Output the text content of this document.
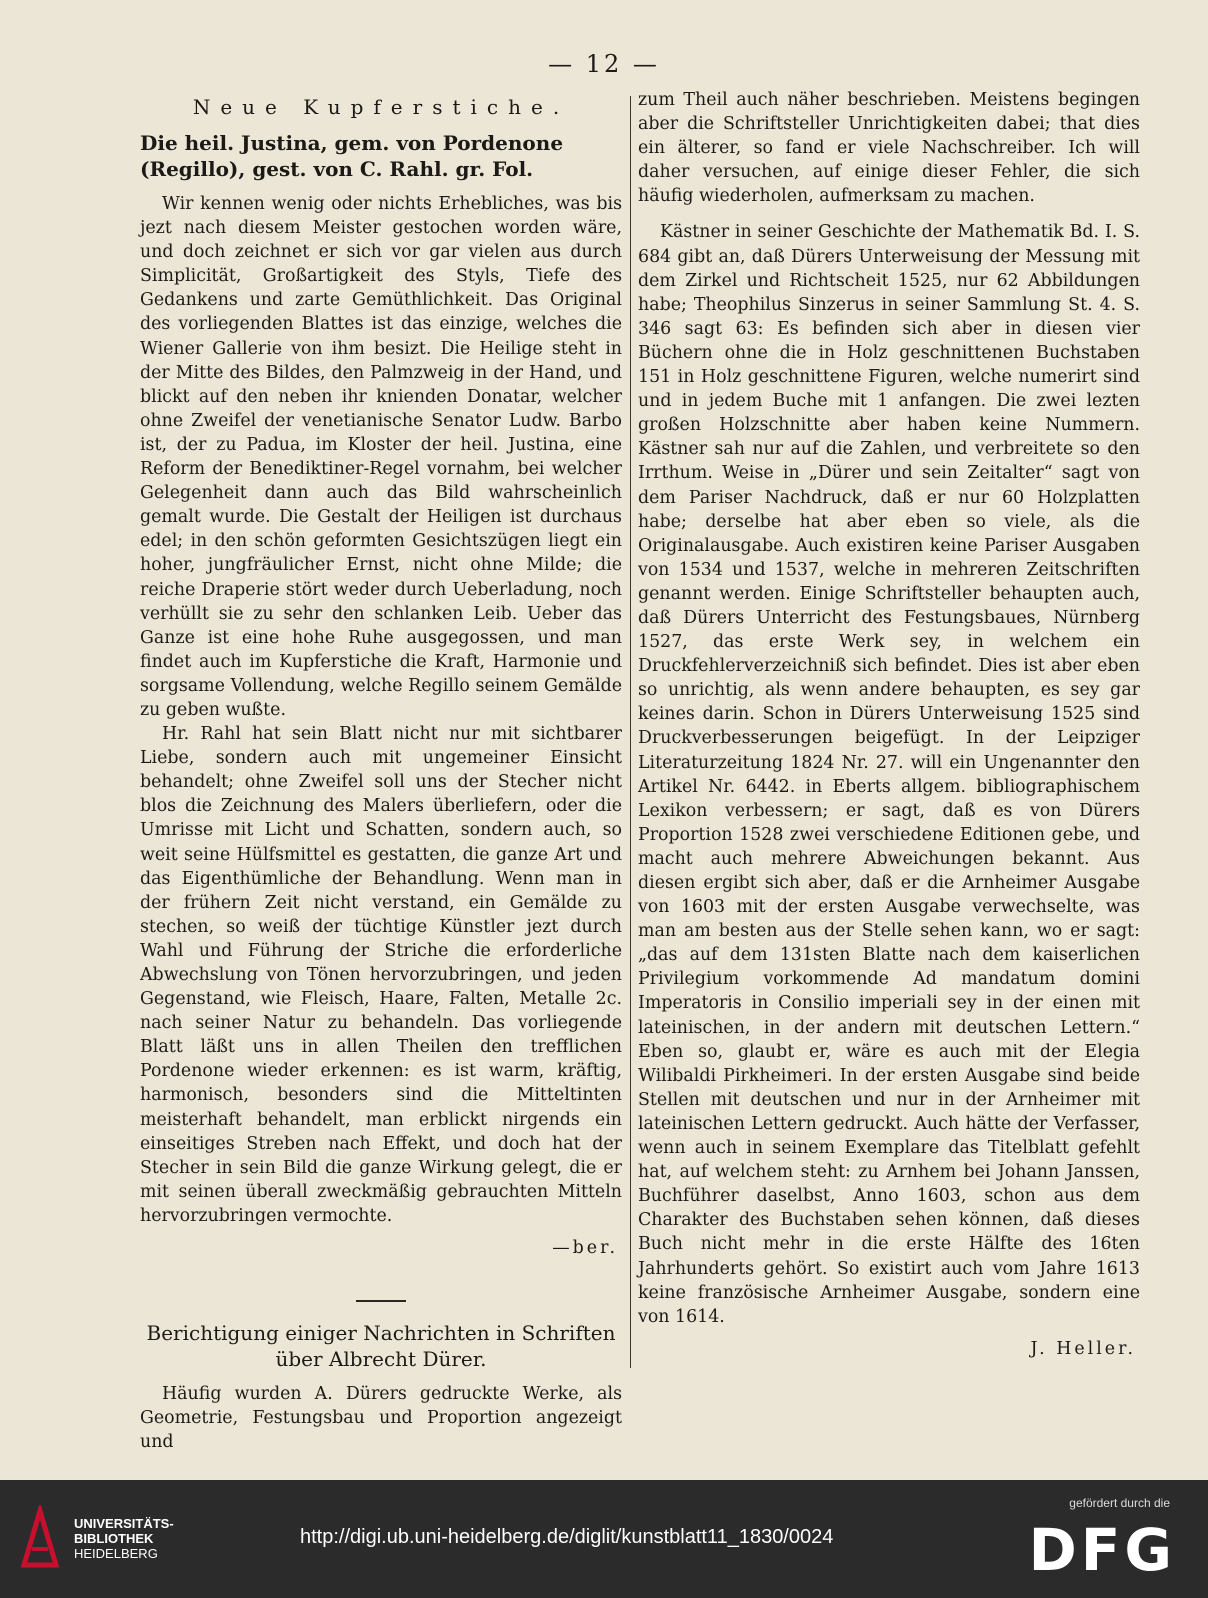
— 12 —
Neue Kupferstiche.
Die heil. Justina, gem. von Pordenone (Regillo), gest. von C. Rahl. gr. Fol.

Wir kennen wenig oder nichts Erhebliches, was bis jezt nach diesem Meister gestochen worden wäre, und doch zeichnet er sich vor gar vielen aus durch Simplicität, Großartigkeit des Styls, Tiefe des Gedankens und zarte Gemüthlichkeit. Das Original des vorliegenden Blattes ist das einzige, welches die Wiener Gallerie von ihm besizt. Die Heilige steht in der Mitte des Bildes, den Palmzweig in der Hand, und blickt auf den neben ihr knienden Donatar, welcher ohne Zweifel der venetianische Senator Ludw. Barbo ist, der zu Padua, im Kloster der heil. Justina, eine Reform der Benediktiner-Regel vornahm, bei welcher Gelegenheit dann auch das Bild wahrscheinlich gemalt wurde. Die Gestalt der Heiligen ist durchaus edel; in den schön geformten Gesichtszügen liegt ein hoher, jungfräulicher Ernst, nicht ohne Milde; die reiche Draperie stört weder durch Ueberladung, noch verhüllt sie zu sehr den schlanken Leib. Ueber das Ganze ist eine hohe Ruhe ausgegossen, und man findet auch im Kupferstiche die Kraft, Harmonie und sorgsame Vollendung, welche Regillo seinem Gemälde zu geben wußte.

Hr. Rahl hat sein Blatt nicht nur mit sichtbarer Liebe, sondern auch mit ungemeiner Einsicht behandelt; ohne Zweifel soll uns der Stecher nicht blos die Zeichnung des Malers überliefern, oder die Umrisse mit Licht und Schatten, sondern auch, so weit seine Hülfsmittel es gestatten, die ganze Art und das Eigenthümliche der Behandlung. Wenn man in der frühern Zeit nicht verstand, ein Gemälde zu stechen, so weiß der tüchtige Künstler jezt durch Wahl und Führung der Striche die erforderliche Abwechslung von Tönen hervorzubringen, und jeden Gegenstand, wie Fleisch, Haare, Falten, Metalle 2c. nach seiner Natur zu behandeln. Das vorliegende Blatt läßt uns in allen Theilen den trefflichen Pordenone wieder erkennen: es ist warm, kräftig, harmonisch, besonders sind die Mitteltinten meisterhaft behandelt, man erblickt nirgends ein einseitiges Streben nach Effekt, und doch hat der Stecher in sein Bild die ganze Wirkung gelegt, die er mit seinen überall zweckmäßig gebrauchten Mitteln hervorzubringen vermochte.

—ber.
Berichtigung einiger Nachrichten in Schriften über Albrecht Dürer.

Häufig wurden A. Dürers gedruckte Werke, als Geometrie, Festungsbau und Proportion angezeigt und

zum Theil auch näher beschrieben. Meistens begingen aber die Schriftsteller Unrichtigkeiten dabei; that dies ein älterer, so fand er viele Nachschreiber. Ich will daher versuchen, auf einige dieser Fehler, die sich häufig wiederholen, aufmerksam zu machen.

Kästner in seiner Geschichte der Mathematik Bd. I. S. 684 gibt an, daß Dürers Unterweisung der Messung mit dem Zirkel und Richtscheit 1525, nur 62 Abbildungen habe; Theophilus Sinzerus in seiner Sammlung St. 4. S. 346 sagt 63: Es befinden sich aber in diesen vier Büchern ohne die in Holz geschnittenen Buchstaben 151 in Holz geschnittene Figuren, welche numerirt sind und in jedem Buche mit 1 anfangen. Die zwei lezten großen Holzschnitte aber haben keine Nummern. Kästner sah nur auf die Zahlen, und verbreitete so den Irrthum. Weise in „Dürer und sein Zeitalter“ sagt von dem Pariser Nachdruck, daß er nur 60 Holzplatten habe; derselbe hat aber eben so viele, als die Originalausgabe. Auch existiren keine Pariser Ausgaben von 1534 und 1537, welche in mehreren Zeitschriften genannt werden. Einige Schriftsteller behaupten auch, daß Dürers Unterricht des Festungsbaues, Nürnberg 1527, das erste Werk sey, in welchem ein Druckfehlerverzeichniß sich befindet. Dies ist aber eben so unrichtig, als wenn andere behaupten, es sey gar keines darin. Schon in Dürers Unterweisung 1525 sind Druckverbesserungen beigefügt. In der Leipziger Literaturzeitung 1824 Nr. 27. will ein Ungenannter den Artikel Nr. 6442. in Eberts allgem. bibliographischem Lexikon verbessern; er sagt, daß es von Dürers Proportion 1528 zwei verschiedene Editionen gebe, und macht auch mehrere Abweichungen bekannt. Aus diesen ergibt sich aber, daß er die Arnheimer Ausgabe von 1603 mit der ersten Ausgabe verwechselte, was man am besten aus der Stelle sehen kann, wo er sagt: „das auf dem 131sten Blatte nach dem kaiserlichen Privilegium vorkommende Ad mandatum domini Imperatoris in Consilio imperiali sey in der einen mit lateinischen, in der andern mit deutschen Lettern.“ Eben so, glaubt er, wäre es auch mit der Elegia Wilibaldi Pirkheimeri. In der ersten Ausgabe sind beide Stellen mit deutschen und nur in der Arnheimer mit lateinischen Lettern gedruckt. Auch hätte der Verfasser, wenn auch in seinem Exemplare das Titelblatt gefehlt hat, auf welchem steht: zu Arnhem bei Johann Janssen, Buchführer daselbst, Anno 1603, schon aus dem Charakter des Buchstaben sehen können, daß dieses Buch nicht mehr in die erste Hälfte des 16ten Jahrhunderts gehört. So existirt auch vom Jahre 1613 keine französische Arnheimer Ausgabe, sondern eine von 1614.

J. Heller.
UNIVERSITÄTS-
BIBLIOTHEK
HEIDELBERG
http://digi.ub.uni-heidelberg.de/diglit/kunstblatt11_1830/0024
gefördert durch die
DFG
